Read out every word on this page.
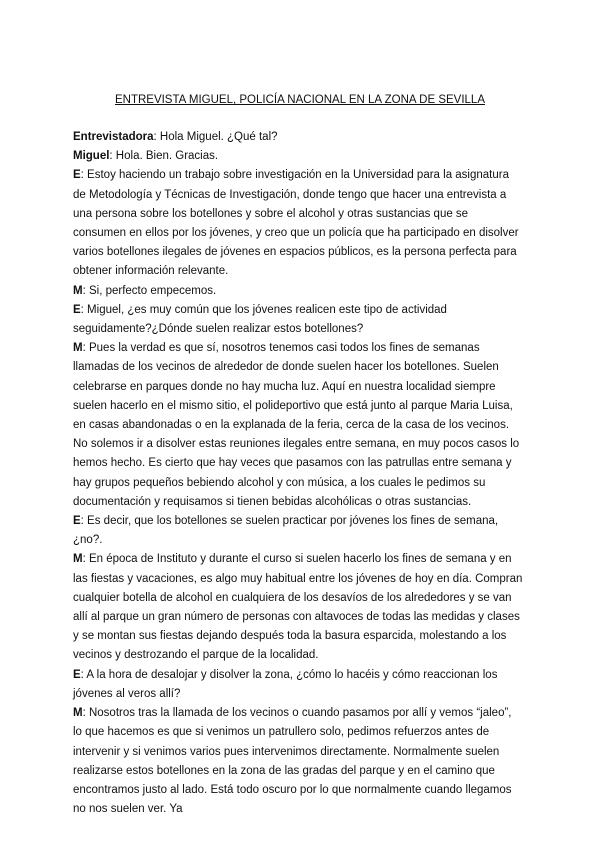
ENTREVISTA MIGUEL, POLICÍA NACIONAL EN LA ZONA DE SEVILLA

Entrevistadora: Hola Miguel. ¿Qué tal?

Miguel: Hola. Bien. Gracias.

E: Estoy haciendo un trabajo sobre investigación en la Universidad para la asignatura de Metodología y Técnicas de Investigación, donde tengo que hacer una entrevista a una persona sobre los botellones y sobre el alcohol y otras sustancias que se consumen en ellos por los jóvenes, y creo que un policía que ha participado en disolver varios botellones ilegales de jóvenes en espacios públicos, es la persona perfecta para obtener información relevante.

M: Si, perfecto empecemos.

E: Miguel, ¿es muy común que los jóvenes realicen este tipo de actividad seguidamente?¿Dónde suelen realizar estos botellones?

M: Pues la verdad es que sí, nosotros tenemos casi todos los fines de semanas llamadas de los vecinos de alrededor de donde suelen hacer los botellones. Suelen celebrarse en parques donde no hay mucha luz. Aquí en nuestra localidad siempre suelen hacerlo en el mismo sitio, el polideportivo que está junto al parque Maria Luisa, en casas abandonadas o en la explanada de la feria, cerca de la casa de los vecinos. No solemos ir a disolver estas reuniones ilegales entre semana, en muy pocos casos lo hemos hecho. Es cierto que hay veces que pasamos con las patrullas entre semana y hay grupos pequeños bebiendo alcohol y con música, a los cuales le pedimos su documentación y requisamos si tienen bebidas alcohólicas o otras sustancias.

E: Es decir, que los botellones se suelen practicar por jóvenes los fines de semana, ¿no?.

M: En época de Instituto y durante el curso si suelen hacerlo los fines de semana y en las fiestas y vacaciones, es algo muy habitual entre los jóvenes de hoy en día. Compran cualquier botella de alcohol en cualquiera de los desavíos de los alrededores y se van allí al parque un gran número de personas con altavoces de todas las medidas y clases y se montan sus fiestas dejando después toda la basura esparcida, molestando a los vecinos y destrozando el parque de la localidad.

E: A la hora de desalojar y disolver la zona, ¿cómo lo hacéis y cómo reaccionan los jóvenes al veros allí?

M: Nosotros tras la llamada de los vecinos o cuando pasamos por allí y vemos “jaleo”, lo que hacemos es que si venimos un patrullero solo, pedimos refuerzos antes de intervenir y si venimos varios pues intervenimos directamente. Normalmente suelen realizarse estos botellones en la zona de las gradas del parque y en el camino que encontramos justo al lado. Está todo oscuro por lo que normalmente cuando llegamos no nos suelen ver. Ya
